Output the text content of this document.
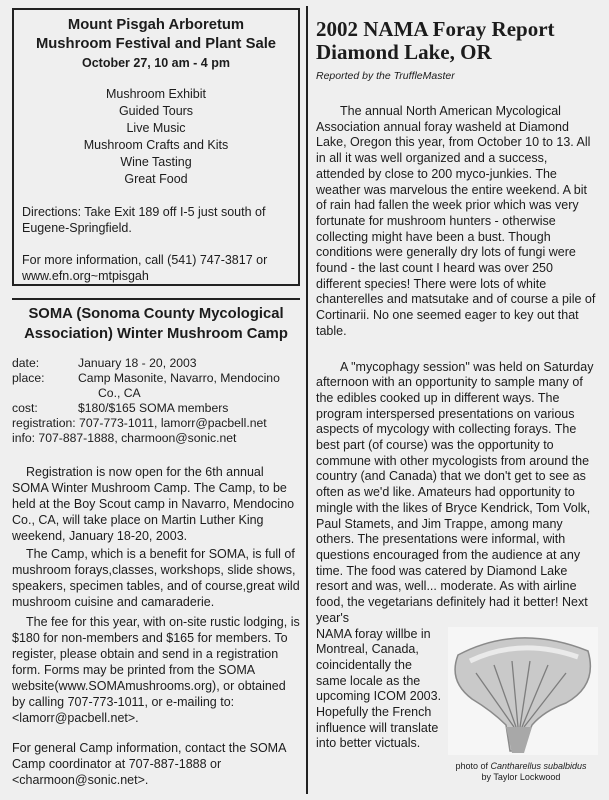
Mount Pisgah Arboretum
Mushroom Festival and Plant Sale
October 27, 10 am - 4 pm
Mushroom Exhibit
Guided Tours
Live Music
Mushroom Crafts and Kits
Wine Tasting
Great Food

Directions: Take Exit 189 off I-5 just south of Eugene-Springfield.

For more information, call (541) 747-3817 or www.efn.org~mtpisgah

SOMA (Sonoma County Mycological Association) Winter Mushroom Camp
date:	January 18 - 20, 2003
place:	Camp Masonite, Navarro, Mendocino
Co., CA
cost:	$180/$165 SOMA members
registration: 707-773-1011, lamorr@pacbell.net
info: 707-887-1888, charmoon@sonic.net

Registration is now open for the 6th annual SOMA Winter Mushroom Camp. The Camp, to be held at the Boy Scout camp in Navarro, Mendocino Co., CA, will take place on Martin Luther King weekend, January 18-20, 2003.

The Camp, which is a benefit for SOMA, is full of mushroom forays,classes, workshops, slide shows, speakers, specimen tables, and of course,great wild mushroom cuisine and camaraderie.

The fee for this year, with on-site rustic lodging, is $180 for non-members and $165 for members. To register, please obtain and send in a registration form. Forms may be printed from the SOMA website(www.SOMAmushrooms.org), or obtained by calling 707-773-1011, or e-mailing to: <lamorr@pacbell.net>.

For general Camp information, contact the SOMA Camp coordinator at 707-887-1888 or <charmoon@sonic.net>.

2002 NAMA Foray Report
Diamond Lake, OR
Reported by the TruffleMaster

The annual North American Mycological Association annual foray washeld at Diamond Lake, Oregon this year, from October 10 to 13. All in all it was well organized and a success, attended by close to 200 myco-junkies. The weather was marvelous the entire weekend. A bit of rain had fallen the week prior which was very fortunate for mushroom hunters - otherwise collecting might have been a bust. Though conditions were generally dry lots of fungi were found - the last count I heard was over 250 different species! There were lots of white chanterelles and matsutake and of course a pile of Cortinarii. No one seemed eager to key out that table.

A "mycophagy session" was held on Saturday afternoon with an opportunity to sample many of the edibles cooked up in different ways. The program interspersed presentations on various aspects of mycology with collecting forays. The best part (of course) was the opportunity to commune with other mycologists from around the country (and Canada) that we don't get to see as often as we'd like. Amateurs had opportunity to mingle with the likes of Bryce Kendrick, Tom Volk, Paul Stamets, and Jim Trappe, among many others. The presentations were informal, with questions encouraged from the audience at any time. The food was catered by Diamond Lake resort and was, well... moderate. As with airline food, the vegetarians definitely had it better! Next year's

NAMA foray willbe in Montreal, Canada, coincidentally the same locale as the upcoming ICOM 2003. Hopefully the French influence will translate into better victuals.
photo of Cantharellus subalbidus
by Taylor Lockwood
